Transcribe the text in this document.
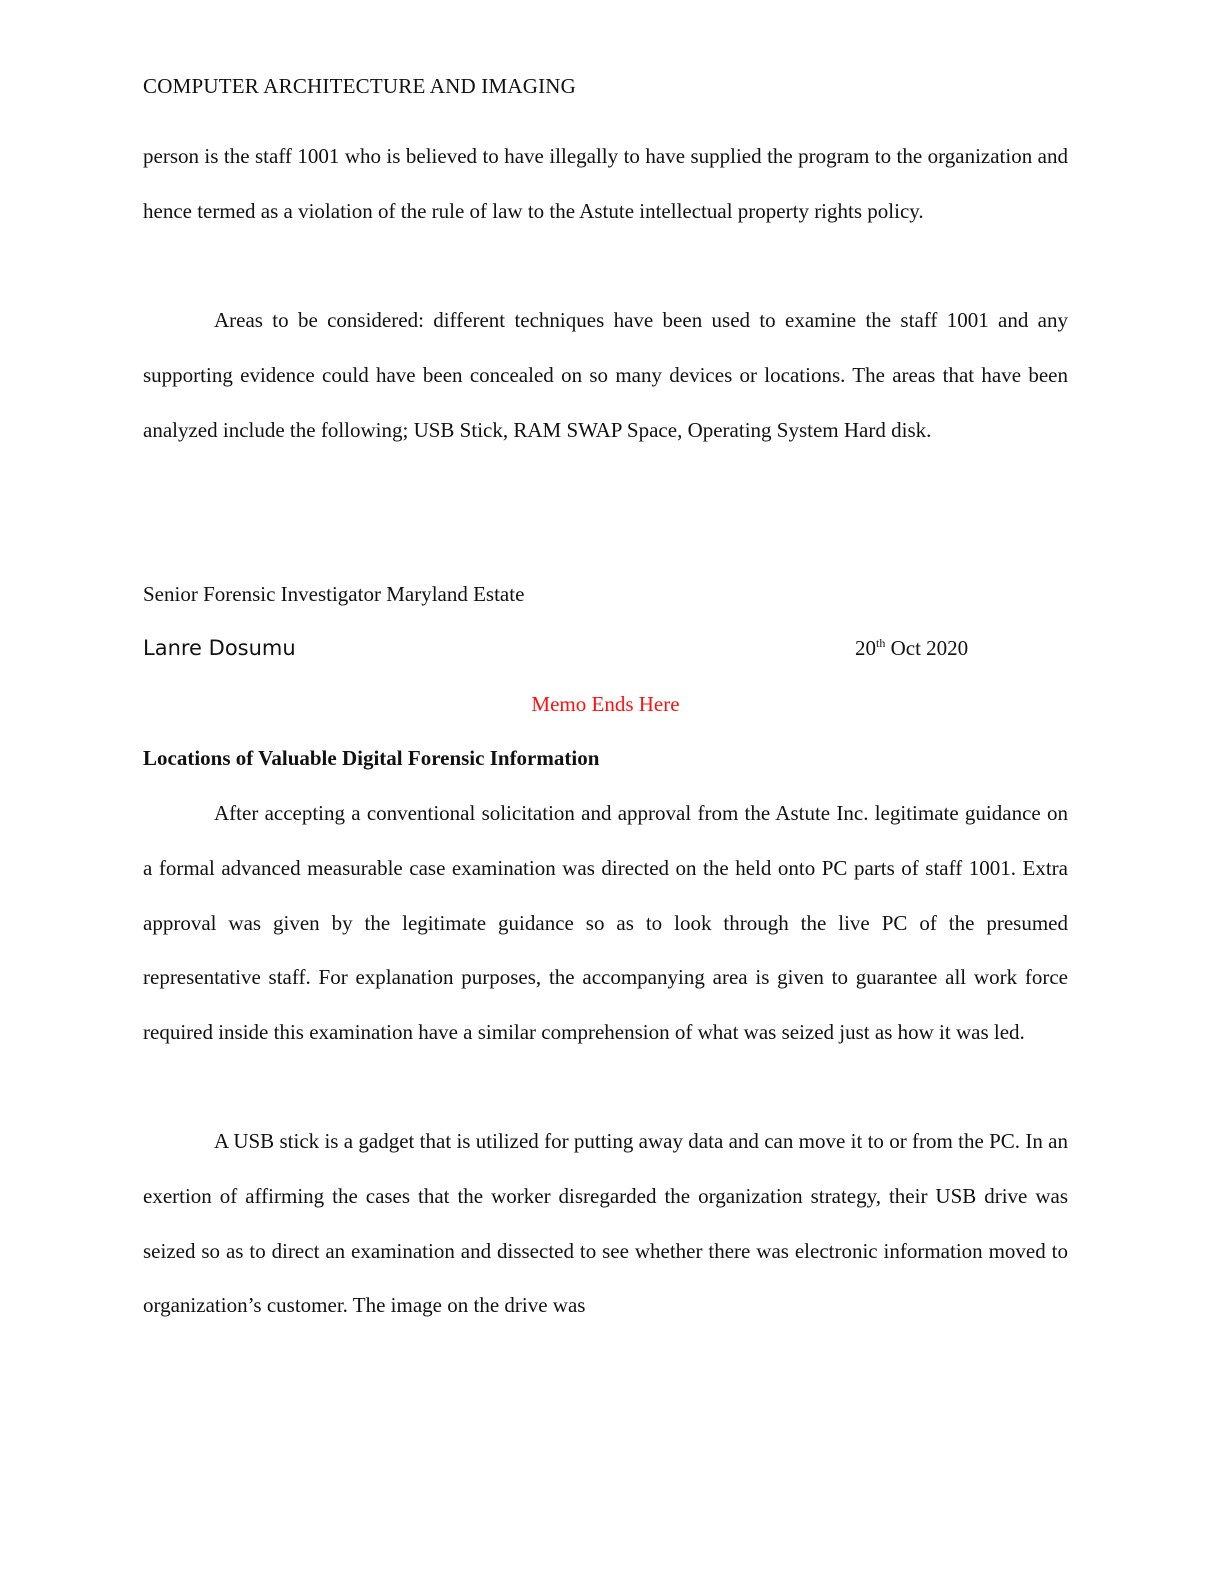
COMPUTER ARCHITECTURE AND IMAGING

person is the staff 1001 who is believed to have illegally to have supplied the program to the organization and hence termed as a violation of the rule of law to the Astute intellectual property rights policy.

Areas to be considered: different techniques have been used to examine the staff 1001 and any supporting evidence could have been concealed on so many devices or locations. The areas that have been analyzed include the following; USB Stick, RAM SWAP Space, Operating System Hard disk.

Senior Forensic Investigator Maryland Estate
Lanre Dosumu	20th Oct 2020
Memo Ends Here
Locations of Valuable Digital Forensic Information

After accepting a conventional solicitation and approval from the Astute Inc. legitimate guidance on a formal advanced measurable case examination was directed on the held onto PC parts of staff 1001. Extra approval was given by the legitimate guidance so as to look through the live PC of the presumed representative staff. For explanation purposes, the accompanying area is given to guarantee all work force required inside this examination have a similar comprehension of what was seized just as how it was led.

A USB stick is a gadget that is utilized for putting away data and can move it to or from the PC. In an exertion of affirming the cases that the worker disregarded the organization strategy, their USB drive was seized so as to direct an examination and dissected to see whether there was electronic information moved to organization’s customer. The image on the drive was
